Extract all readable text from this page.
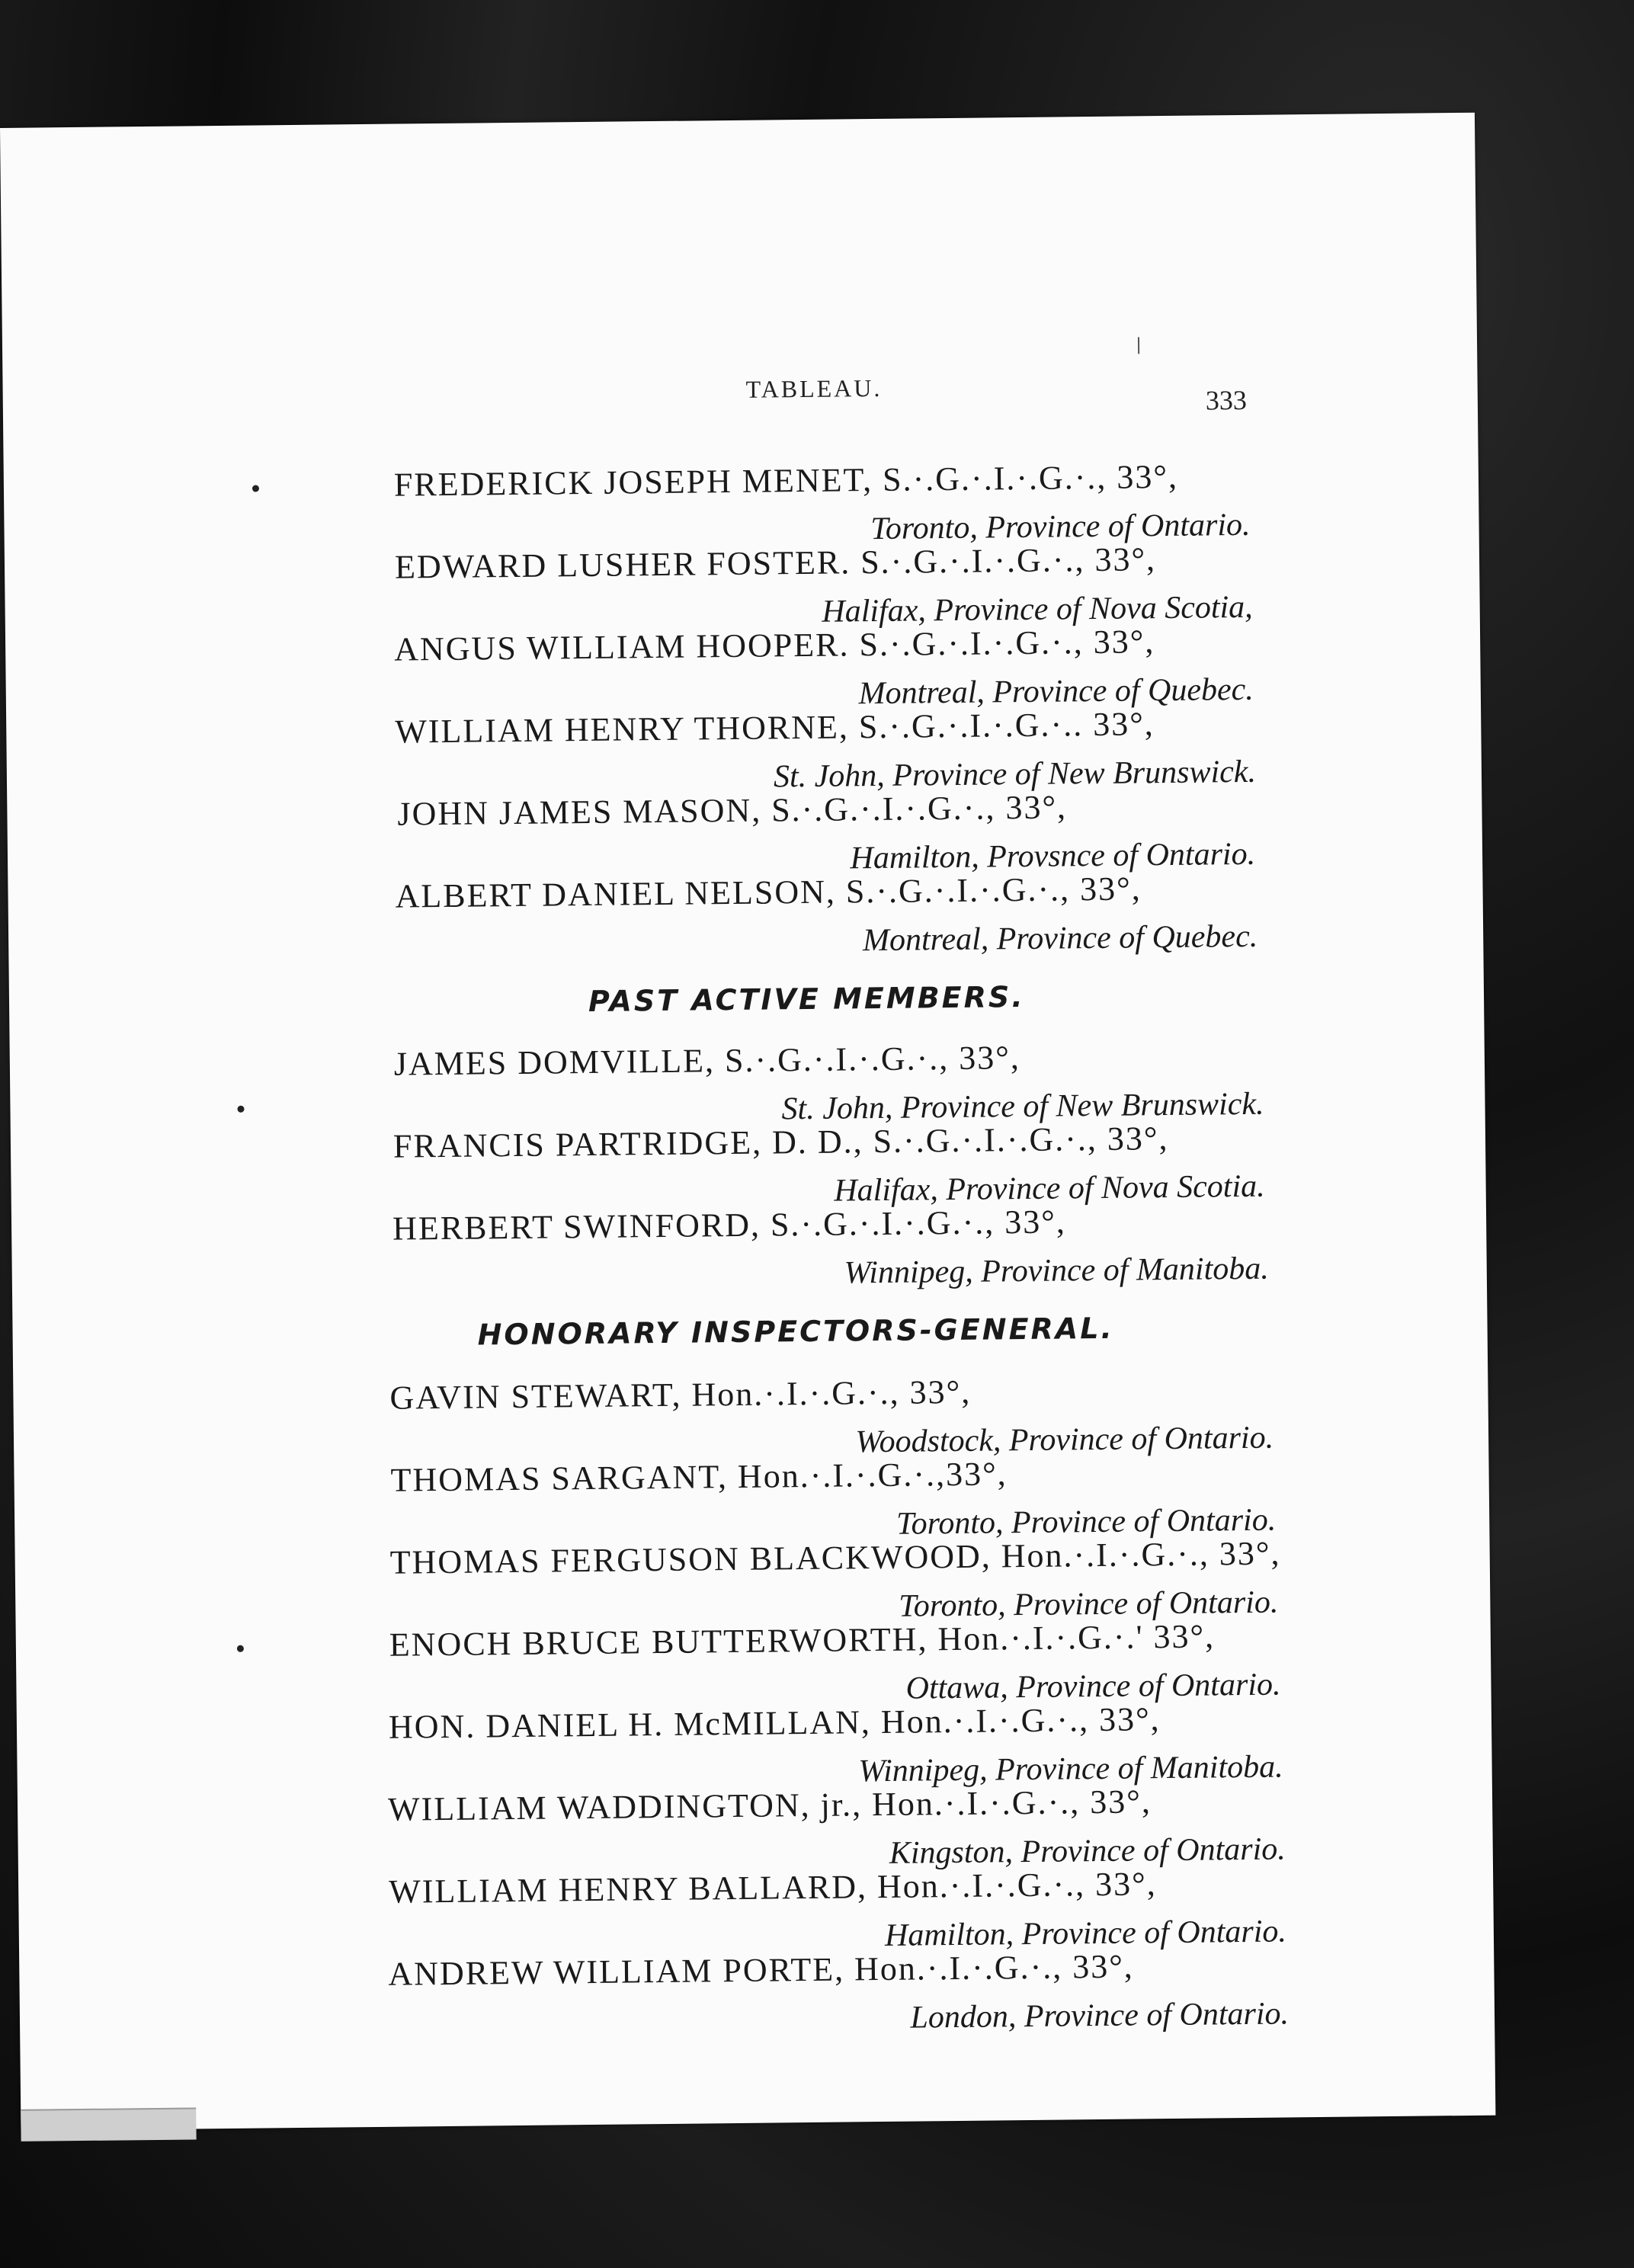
TABLEAU.	333
FREDERICK JOSEPH MENET, S.·.G.·.I.·.G.·., 33°,
Toronto, Province of Ontario.
EDWARD LUSHER FOSTER. S.·.G.·.I.·.G.·., 33°,
Halifax, Province of Nova Scotia,
ANGUS WILLIAM HOOPER. S.·.G.·.I.·.G.·., 33°,
Montreal, Province of Quebec.
WILLIAM HENRY THORNE, S.·.G.·.I.·.G.·.. 33°,
St. John, Province of New Brunswick.
JOHN JAMES MASON, S.·.G.·.I.·.G.·., 33°,
Hamilton, Provsnce of Ontario.
ALBERT DANIEL NELSON, S.·.G.·.I.·.G.·., 33°,
Montreal, Province of Quebec.
PAST ACTIVE MEMBERS.
JAMES DOMVILLE, S.·.G.·.I.·.G.·., 33°,
St. John, Province of New Brunswick.
FRANCIS PARTRIDGE, D. D., S.·.G.·.I.·.G.·., 33°,
Halifax, Province of Nova Scotia.
HERBERT SWINFORD, S.·.G.·.I.·.G.·., 33°,
Winnipeg, Province of Manitoba.
HONORARY INSPECTORS-GENERAL.
GAVIN STEWART, Hon.·.I.·.G.·., 33°,
Woodstock, Province of Ontario.
THOMAS SARGANT, Hon.·.I.·.G.·.,33°,
Toronto, Province of Ontario.
THOMAS FERGUSON BLACKWOOD, Hon.·.I.·.G.·., 33°,
Toronto, Province of Ontario.
ENOCH BRUCE BUTTERWORTH, Hon.·.I.·.G.·.' 33°,
Ottawa, Province of Ontario.
HON. DANIEL H. McMILLAN, Hon.·.I.·.G.·., 33°,
Winnipeg, Province of Manitoba.
WILLIAM WADDINGTON, jr., Hon.·.I.·.G.·., 33°,
Kingston, Province of Ontario.
WILLIAM HENRY BALLARD, Hon.·.I.·.G.·., 33°,
Hamilton, Province of Ontario.
ANDREW WILLIAM PORTE, Hon.·.I.·.G.·., 33°,
London, Province of Ontario.
